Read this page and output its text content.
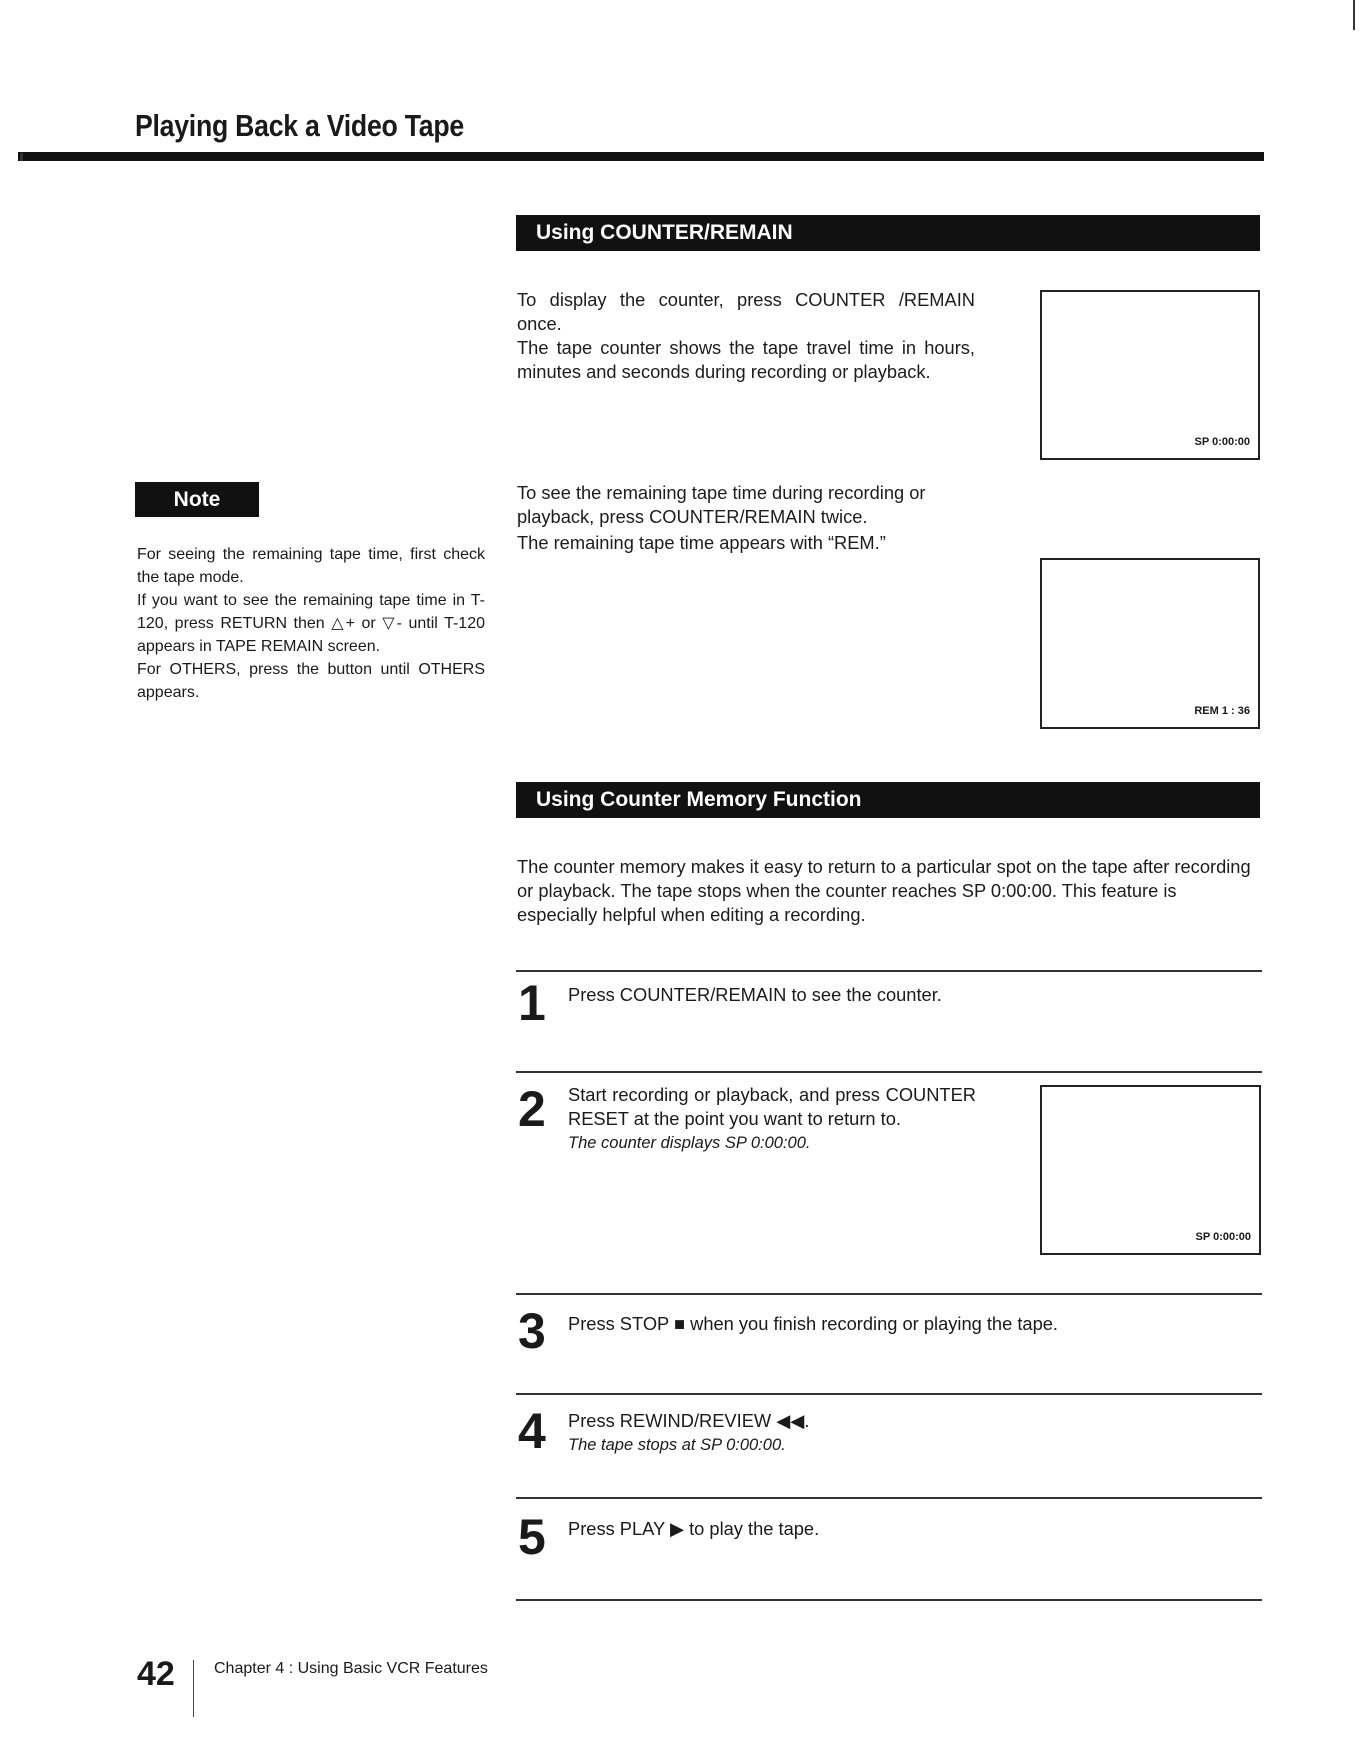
Playing Back a Video Tape
Using COUNTER/REMAIN
To display the counter, press COUNTER /REMAIN once.
The tape counter shows the tape travel time in hours, minutes and seconds during recording or playback.
SP 0:00:00
To see the remaining tape time during recording or playback, press COUNTER/REMAIN twice.
The remaining tape time appears with “REM.”
REM 1 : 36
Note

For seeing the remaining tape time, first check the tape mode.

If you want to see the remaining tape time in T-120, press RETURN then △+ or ▽- until T-120 appears in TAPE REMAIN screen.

For OTHERS, press the button until OTHERS appears.

Using Counter Memory Function
The counter memory makes it easy to return to a particular spot on the tape after recording or playback. The tape stops when the counter reaches SP 0:00:00. This feature is especially helpful when editing a recording.
1 Press COUNTER/REMAIN to see the counter.

2 Start recording or playback, and press COUNTER RESET at the point you want to return to.

The counter displays SP 0:00:00.

SP 0:00:00
3 Press STOP ■ when you finish recording or playing the tape.

4 Press REWIND/REVIEW ◀◀.

The tape stops at SP 0:00:00.

5 Press PLAY ▶ to play the tape.

42 Chapter 4 : Using Basic VCR Features
